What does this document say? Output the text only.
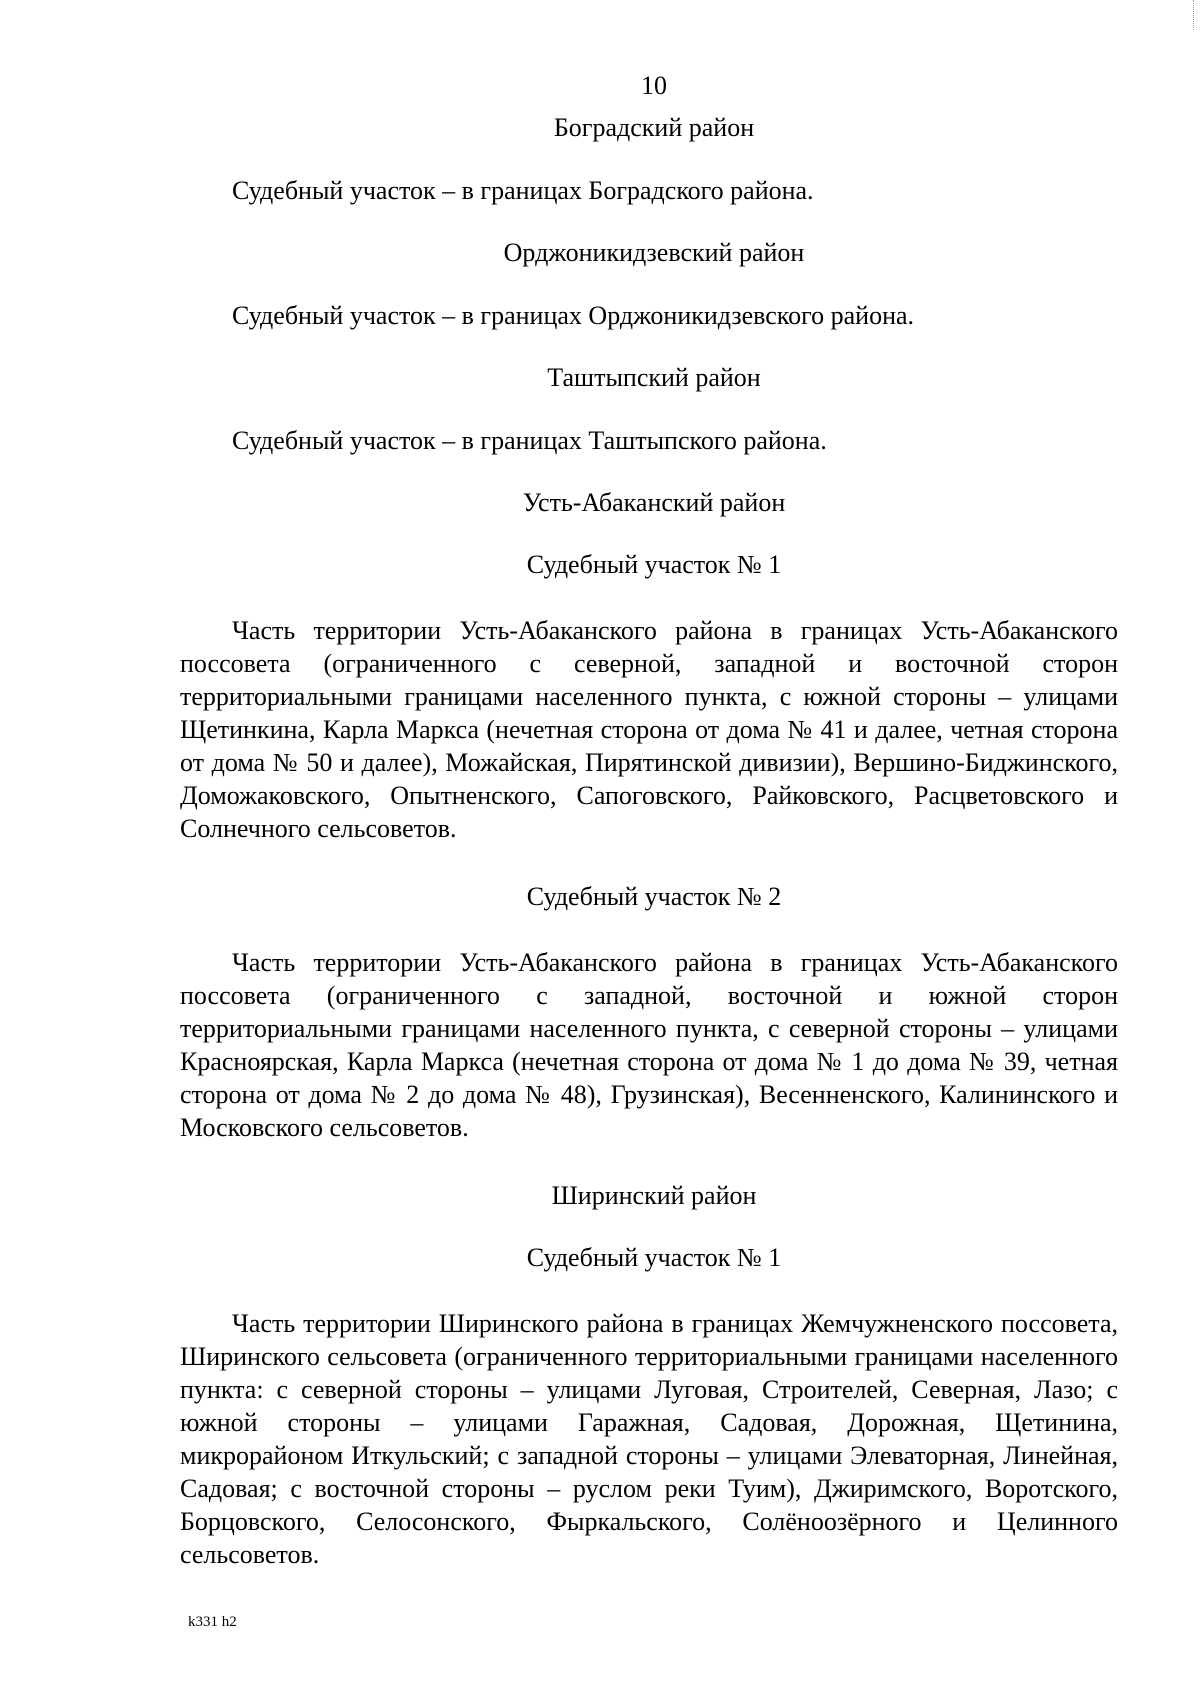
10
Боградский район

Судебный участок – в границах Боградского района.

Орджоникидзевский район

Судебный участок – в границах Орджоникидзевского района.

Таштыпский район

Судебный участок – в границах Таштыпского района.

Усть-Абаканский район
Судебный участок № 1

Часть территории Усть-Абаканского района в границах Усть-Абаканского поссовета (ограниченного с северной, западной и восточной сторон территориальными границами населенного пункта, с южной стороны – улицами Щетинкина, Карла Маркса (нечетная сторона от дома № 41 и далее, четная сторона от дома № 50 и далее), Можайская, Пирятинской дивизии), Вершино-Биджинского, Доможаковского, Опытненского, Сапоговского, Райковского, Расцветовского и Солнечного сельсоветов.

Судебный участок № 2

Часть территории Усть-Абаканского района в границах Усть-Абаканского поссовета (ограниченного с западной, восточной и южной сторон территориальными границами населенного пункта, с северной стороны – улицами Красноярская, Карла Маркса (нечетная сторона от дома № 1 до дома № 39, четная сторона от дома № 2 до дома № 48), Грузинская), Весенненского, Калининского и Московского сельсоветов.

Ширинский район
Судебный участок № 1

Часть территории Ширинского района в границах Жемчужненского поссовета, Ширинского сельсовета (ограниченного территориальными границами населенного пункта: с северной стороны – улицами Луговая, Строителей, Северная, Лазо; с южной стороны – улицами Гаражная, Садовая, Дорожная, Щетинина, микрорайоном Иткульский; с западной стороны – улицами Элеваторная, Линейная, Садовая; с восточной стороны – руслом реки Туим), Джиримского, Воротского, Борцовского, Селосонского, Фыркальского, Солёноозёрного и Целинного сельсоветов.

k331 h2
